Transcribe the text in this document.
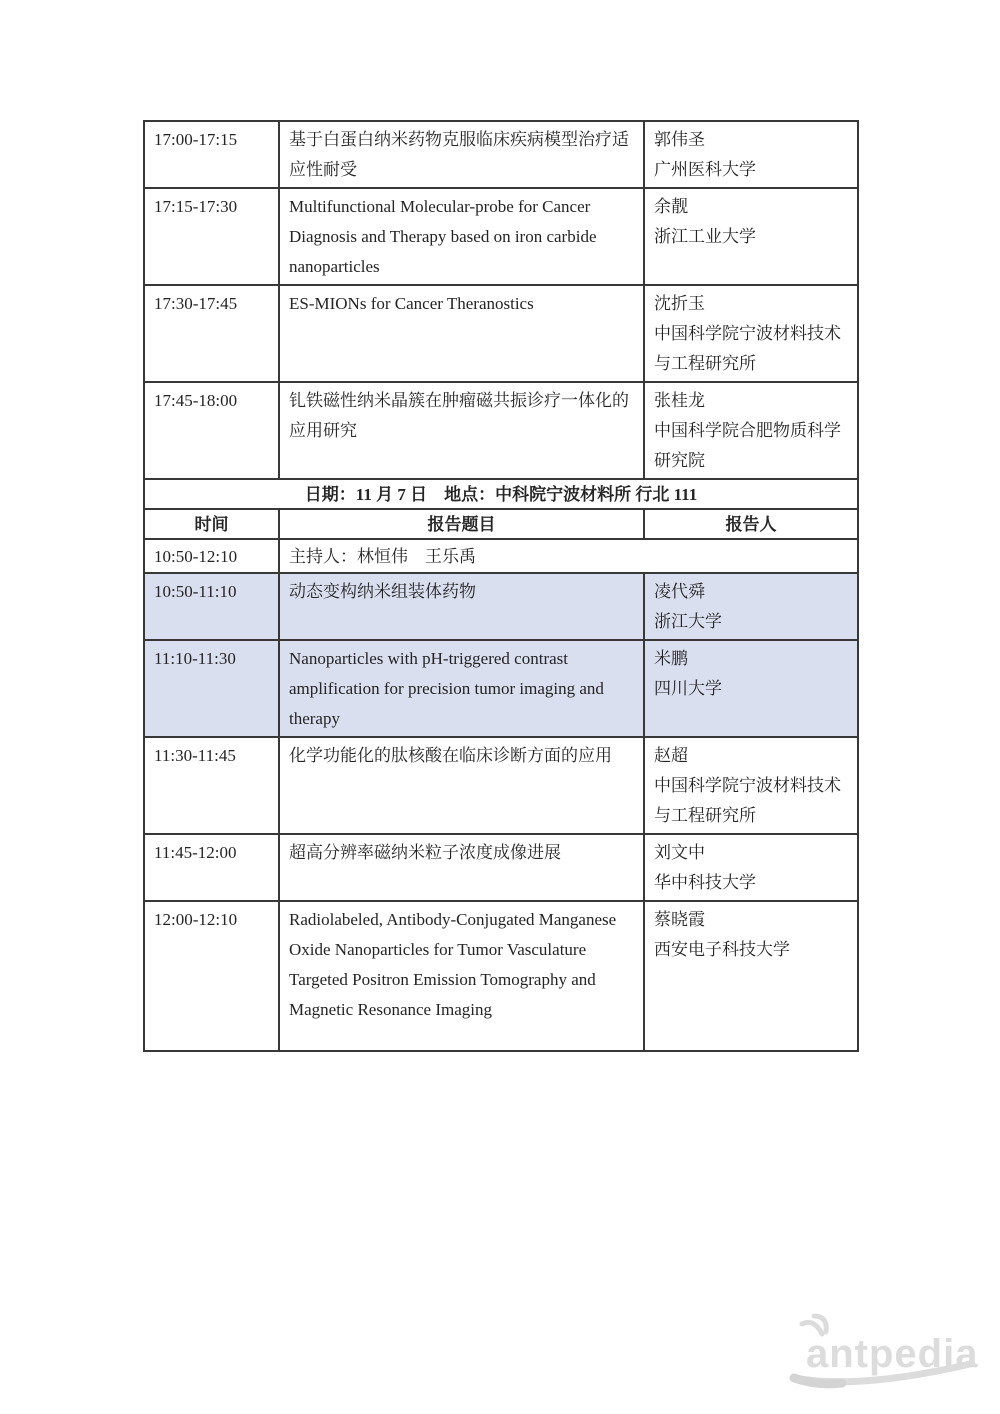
17:00-17:15	基于白蛋白纳米药物克服临床疾病模型治疗适应性耐受	郭伟圣
广州医科大学

17:15-17:30	Multifunctional Molecular-probe for Cancer Diagnosis and Therapy based on iron carbide nanoparticles	余靓
浙江工业大学

17:30-17:45	ES-MIONs for Cancer Theranostics	沈折玉
中国科学院宁波材料技术与工程研究所

17:45-18:00	钆铁磁性纳米晶簇在肿瘤磁共振诊疗一体化的应用研究	张桂龙
中国科学院合肥物质科学研究院

日期：11 月 7 日　地点：中科院宁波材料所 行北 111		
时间	报告题目	报告人
10:50-12:10	主持人：林恒伟　王乐禹	
10:50-11:10	动态变构纳米组装体药物	凌代舜
浙江大学

11:10-11:30	Nanoparticles with pH-triggered contrast amplification for precision tumor imaging and therapy	米鹏
四川大学

11:30-11:45	化学功能化的肽核酸在临床诊断方面的应用	赵超
中国科学院宁波材料技术与工程研究所

11:45-12:00	超高分辨率磁纳米粒子浓度成像进展	刘文中
华中科技大学

12:00-12:10	Radiolabeled, Antibody-Conjugated Manganese Oxide Nanoparticles for Tumor Vasculature Targeted Positron Emission Tomography and Magnetic Resonance Imaging	蔡晓霞
西安电子科技大学
antpedia
